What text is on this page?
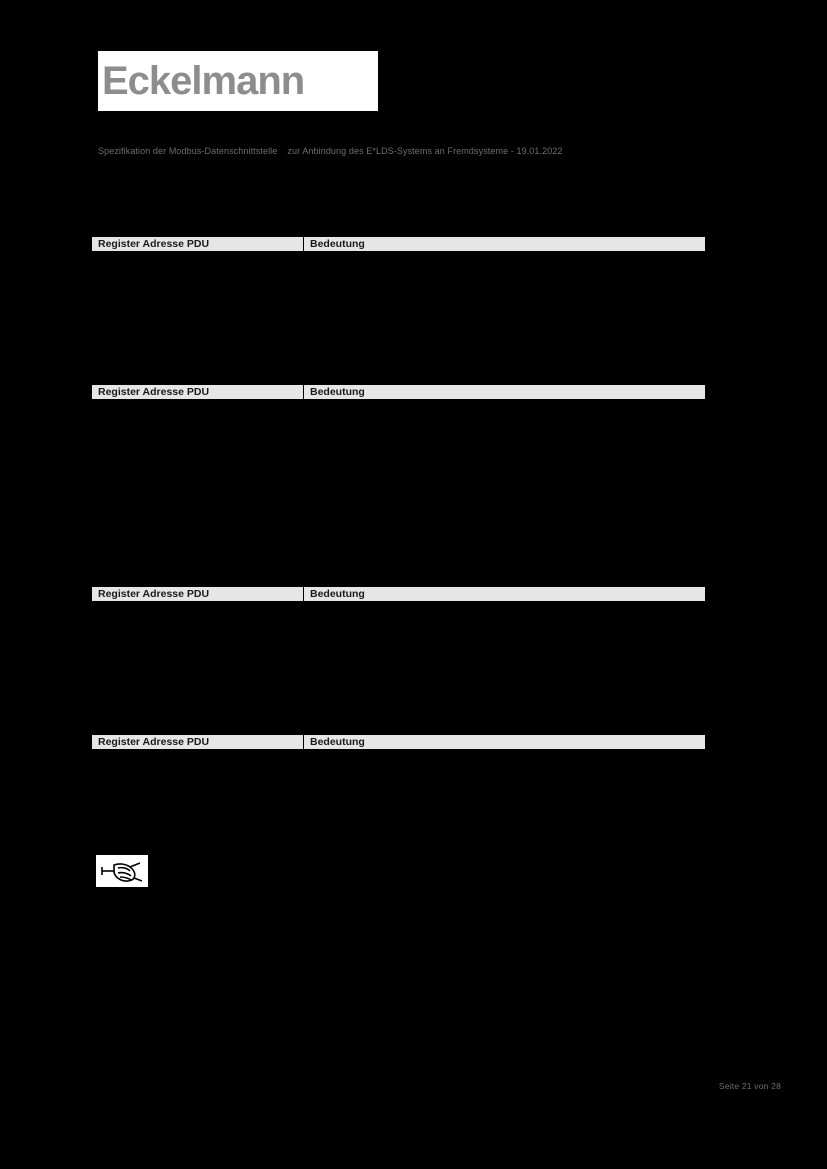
Eckelmann
Spezifikation der Modbus-Datenschnittstelle zur Anbindung des E*LDS-Systems an Fremdsysteme - 19.01.2022
Register Adresse PDU	Bedeutung
Register Adresse PDU	Bedeutung
Register Adresse PDU	Bedeutung
Register Adresse PDU	Bedeutung
Seite 21 von 28
